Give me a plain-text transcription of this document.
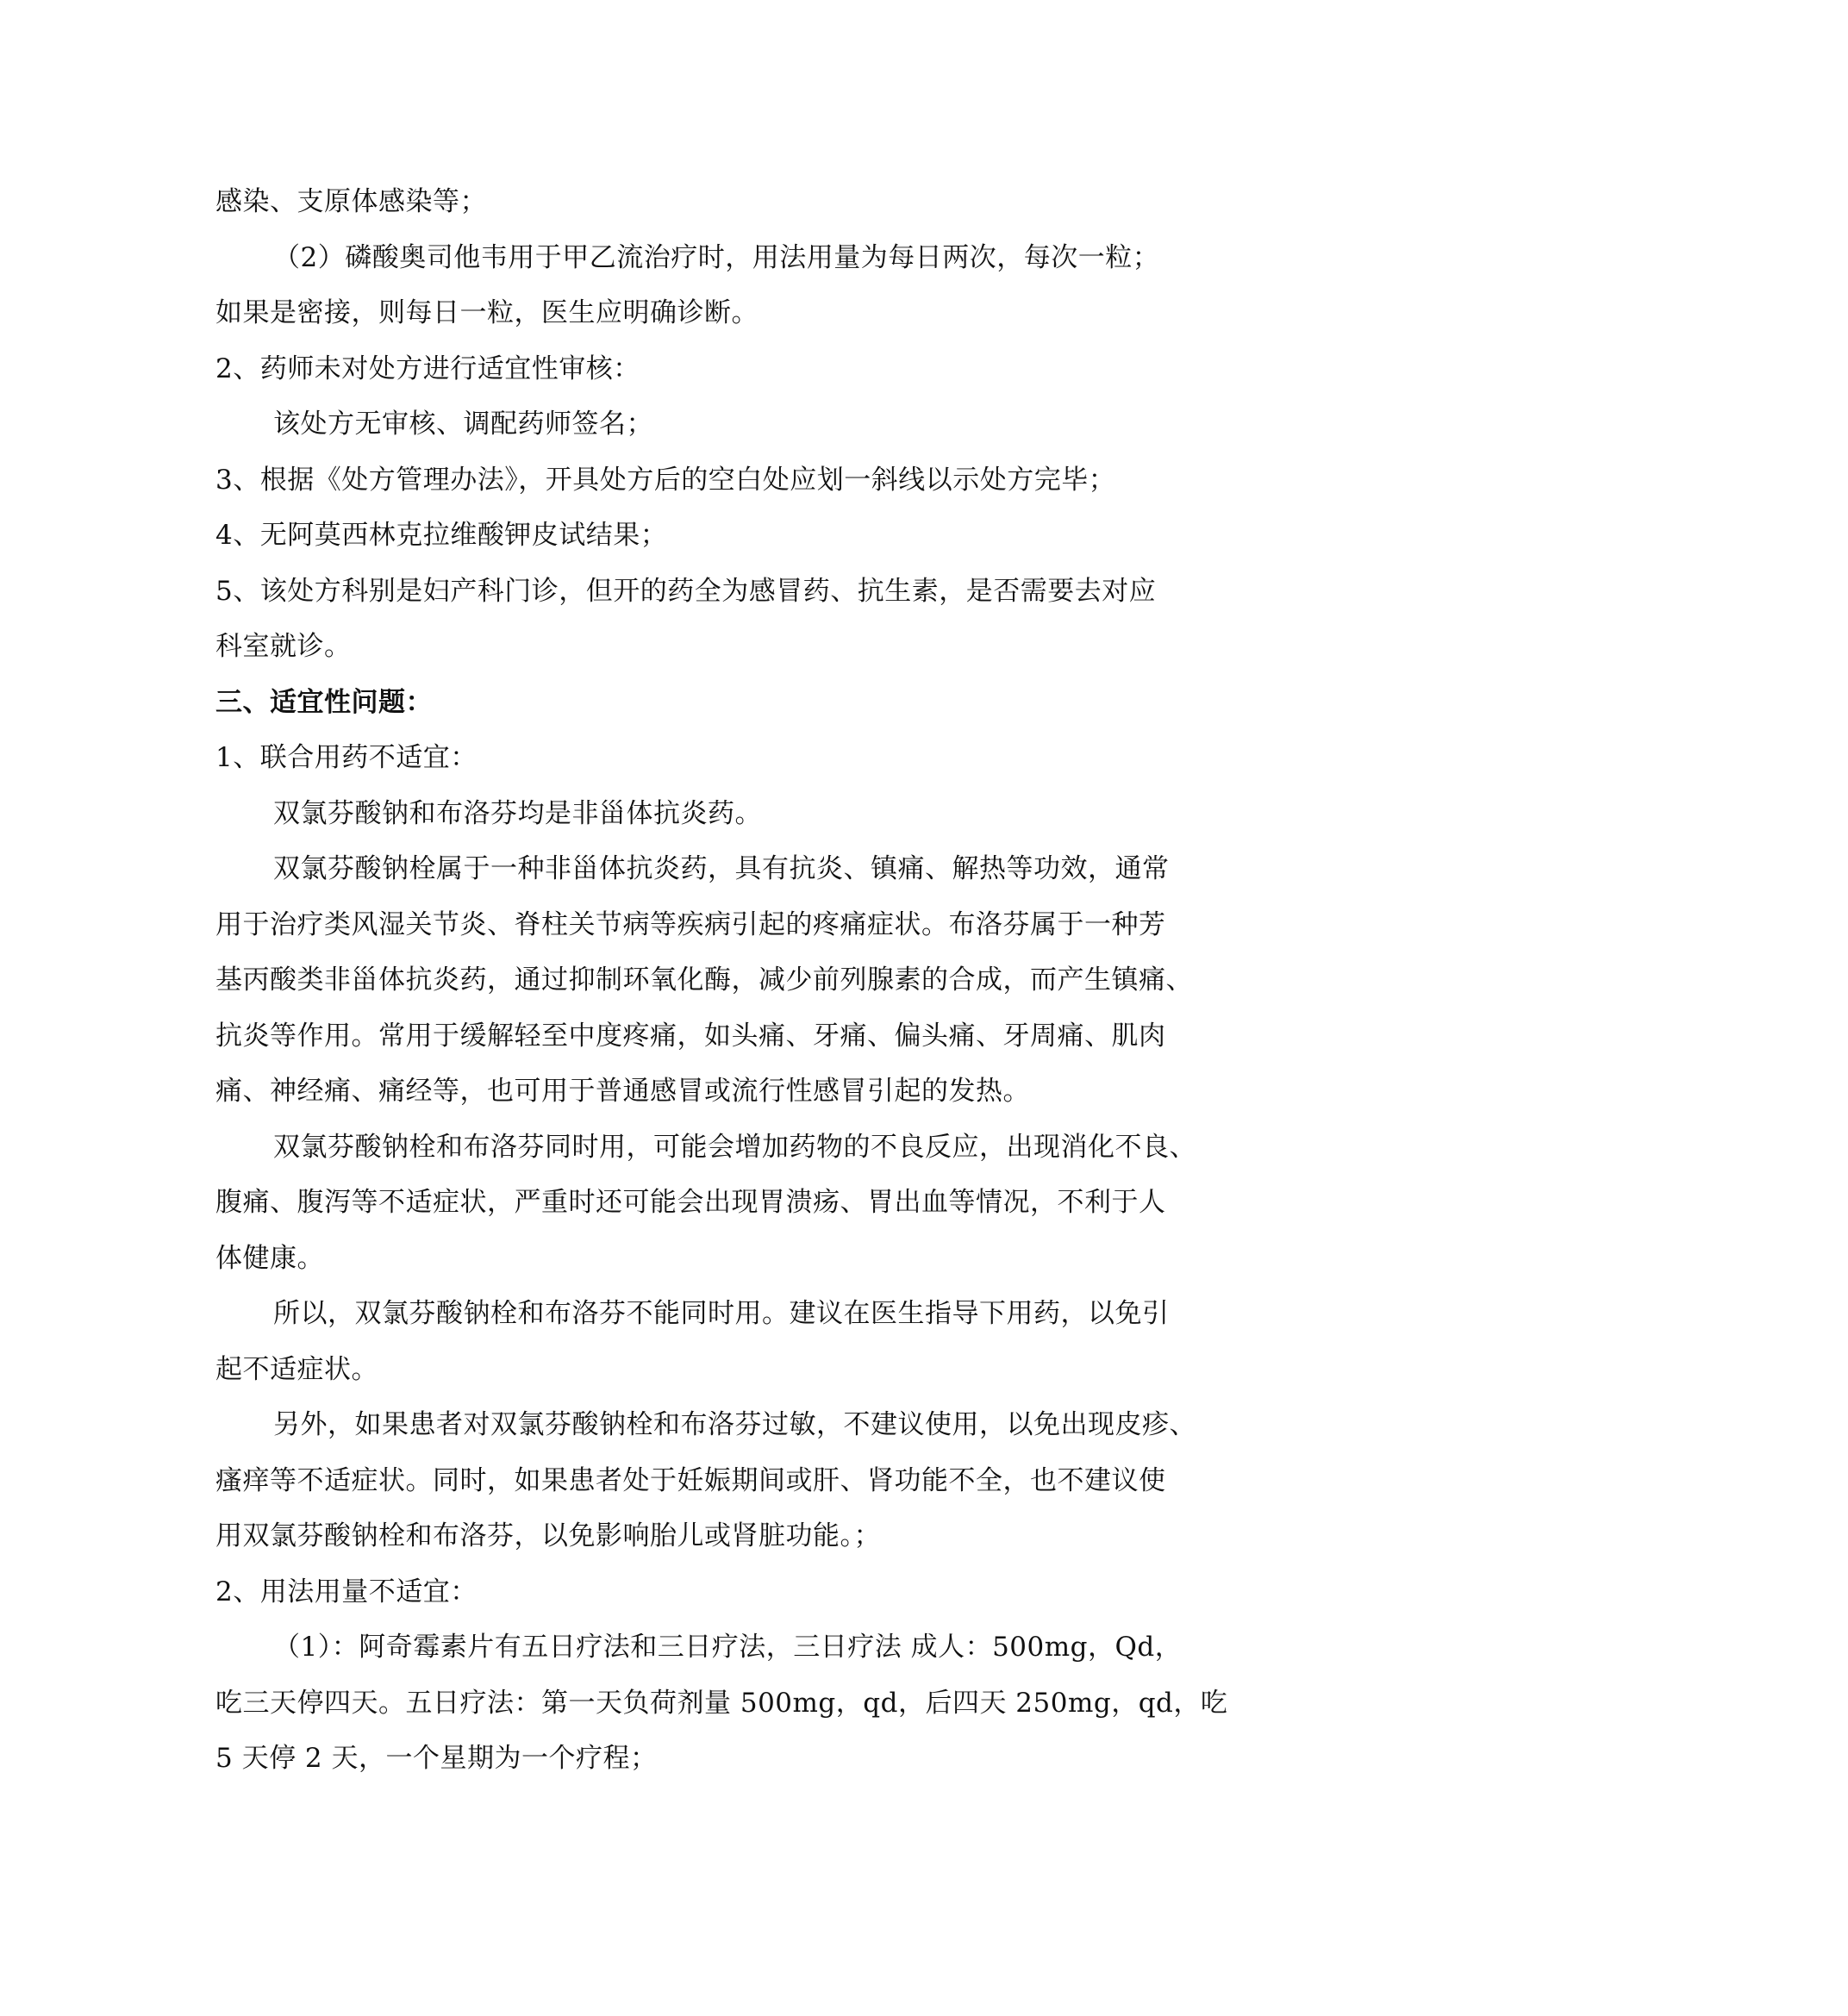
感染、支原体感染等；
（2）磷酸奥司他韦用于甲乙流治疗时，用法用量为每日两次，每次一粒；
如果是密接，则每日一粒，医生应明确诊断。
2、药师未对处方进行适宜性审核：
该处方无审核、调配药师签名；
3、根据《处方管理办法》，开具处方后的空白处应划一斜线以示处方完毕；
4、无阿莫西林克拉维酸钾皮试结果；
5、该处方科别是妇产科门诊，但开的药全为感冒药、抗生素，是否需要去对应
科室就诊。
三、适宜性问题：
1、联合用药不适宜：
双氯芬酸钠和布洛芬均是非甾体抗炎药。
双氯芬酸钠栓属于一种非甾体抗炎药，具有抗炎、镇痛、解热等功效，通常
用于治疗类风湿关节炎、脊柱关节病等疾病引起的疼痛症状。布洛芬属于一种芳
基丙酸类非甾体抗炎药，通过抑制环氧化酶，减少前列腺素的合成，而产生镇痛、
抗炎等作用。常用于缓解轻至中度疼痛，如头痛、牙痛、偏头痛、牙周痛、肌肉
痛、神经痛、痛经等，也可用于普通感冒或流行性感冒引起的发热。
双氯芬酸钠栓和布洛芬同时用，可能会增加药物的不良反应，出现消化不良、
腹痛、腹泻等不适症状，严重时还可能会出现胃溃疡、胃出血等情况，不利于人
体健康。
所以，双氯芬酸钠栓和布洛芬不能同时用。建议在医生指导下用药，以免引
起不适症状。
另外，如果患者对双氯芬酸钠栓和布洛芬过敏，不建议使用，以免出现皮疹、
瘙痒等不适症状。同时，如果患者处于妊娠期间或肝、肾功能不全，也不建议使
用双氯芬酸钠栓和布洛芬，以免影响胎儿或肾脏功能。；
2、用法用量不适宜：
（1）：阿奇霉素片有五日疗法和三日疗法，三日疗法 成人：500mg，Qd，
吃三天停四天。五日疗法：第一天负荷剂量 500mg，qd，后四天 250mg，qd，吃
5 天停 2 天，一个星期为一个疗程；
